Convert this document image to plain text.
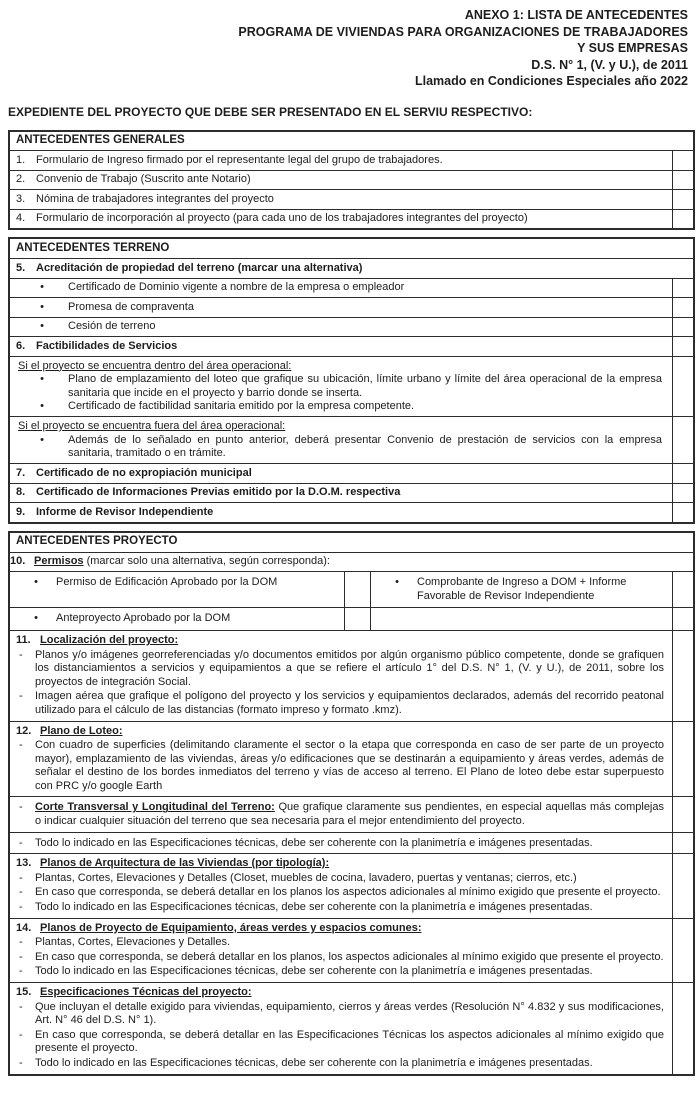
ANEXO 1: LISTA DE ANTECEDENTES
PROGRAMA DE VIVIENDAS PARA ORGANIZACIONES DE TRABAJADORES
Y SUS EMPRESAS
D.S. N° 1, (V. y U.), de 2011
Llamado en Condiciones Especiales año 2022
EXPEDIENTE DEL PROYECTO QUE DEBE SER PRESENTADO EN EL SERVIU RESPECTIVO:
ANTECEDENTES GENERALES
1. Formulario de Ingreso firmado por el representante legal del grupo de trabajadores.
2. Convenio de Trabajo (Suscrito ante Notario)
3. Nómina de trabajadores integrantes del proyecto
4. Formulario de incorporación al proyecto (para cada uno de los trabajadores integrantes del proyecto)
ANTECEDENTES TERRENO
5. Acreditación de propiedad del terreno (marcar una alternativa)
•	Certificado de Dominio vigente a nombre de la empresa o empleador
•	Promesa de compraventa
•	Cesión de terreno
6. Factibilidades de Servicios
Si el proyecto se encuentra dentro del área operacional:
•	Plano de emplazamiento del loteo que grafique su ubicación, límite urbano y límite del área operacional de la empresa sanitaria que incide en el proyecto y barrio donde se inserta.
•	Certificado de factibilidad sanitaria emitido por la empresa competente.
Si el proyecto se encuentra fuera del área operacional:
•	Además de lo señalado en punto anterior, deberá presentar Convenio de prestación de servicios con la empresa sanitaria, tramitado o en trámite.
7. Certificado de no expropiación municipal
8. Certificado de Informaciones Previas emitido por la D.O.M. respectiva
9. Informe de Revisor Independiente
ANTECEDENTES PROYECTO
10. Permisos (marcar solo una alternativa, según corresponda):
•	Permiso de Edificación Aprobado por la DOM	•	Comprobante de Ingreso a DOM + Informe Favorable de Revisor Independiente
•	Anteproyecto Aprobado por la DOM
11. Localización del proyecto:
-	Planos y/o imágenes georreferenciadas y/o documentos emitidos por algún organismo público competente, donde se grafiquen los distanciamientos a servicios y equipamientos a que se refiere el artículo 1° del D.S. N° 1, (V. y U.), de 2011, sobre los proyectos de integración Social.
-	Imagen aérea que grafique el polígono del proyecto y los servicios y equipamientos declarados, además del recorrido peatonal utilizado para el cálculo de las distancias (formato impreso y formato .kmz).
12. Plano de Loteo:
-	Con cuadro de superficies (delimitando claramente el sector o la etapa que corresponda en caso de ser parte de un proyecto mayor), emplazamiento de las viviendas, áreas y/o edificaciones que se destinarán a equipamiento y áreas verdes, además de señalar el destino de los bordes inmediatos del terreno y vías de acceso al terreno. El Plano de loteo debe estar superpuesto con PRC y/o google Earth
-	Corte Transversal y Longitudinal del Terreno: Que grafique claramente sus pendientes, en especial aquellas más complejas o indicar cualquier situación del terreno que sea necesaria para el mejor entendimiento del proyecto.
-	Todo lo indicado en las Especificaciones técnicas, debe ser coherente con la planimetría e imágenes presentadas.
13. Planos de Arquitectura de las Viviendas (por tipología):
-	Plantas, Cortes, Elevaciones y Detalles (Closet, muebles de cocina, lavadero, puertas y ventanas; cierros, etc.)
-	En caso que corresponda, se deberá detallar en los planos los aspectos adicionales al mínimo exigido que presente el proyecto.
-	Todo lo indicado en las Especificaciones técnicas, debe ser coherente con la planimetría e imágenes presentadas.
14. Planos de Proyecto de Equipamiento, áreas verdes y espacios comunes:
-	Plantas, Cortes, Elevaciones y Detalles.
-	En caso que corresponda, se deberá detallar en los planos, los aspectos adicionales al mínimo exigido que presente el proyecto.
-	Todo lo indicado en las Especificaciones técnicas, debe ser coherente con la planimetría e imágenes presentadas.
15. Especificaciones Técnicas del proyecto:
-	Que incluyan el detalle exigido para viviendas, equipamiento, cierros y áreas verdes (Resolución N° 4.832 y sus modificaciones, Art. N° 46 del D.S. N° 1).
-	En caso que corresponda, se deberá detallar en las Especificaciones Técnicas los aspectos adicionales al mínimo exigido que presente el proyecto.
-	Todo lo indicado en las Especificaciones técnicas, debe ser coherente con la planimetría e imágenes presentadas.
